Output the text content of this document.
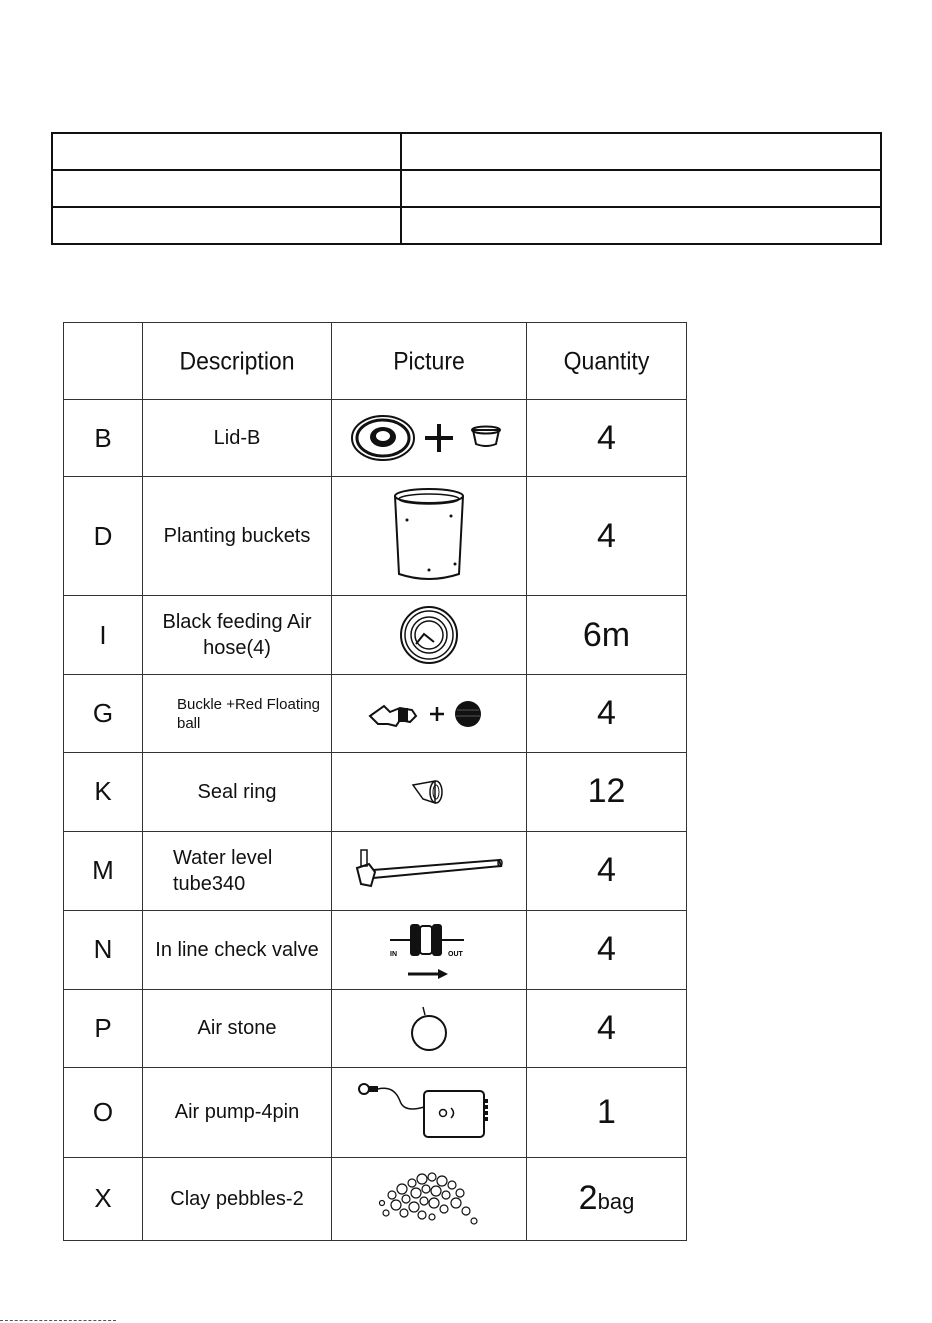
	Description	Picture	Quantity
B	Lid-B		4
D	Planting buckets		4
I	Black feeding Air hose(4)		6m
G	Buckle +Red Floating ball		4
K	Seal ring		12
M	Water level tube340		4
N	In line check valve	IN OUT	4
P	Air stone		4
O	Air pump-4pin		1
X	Clay pebbles-2		2bag
